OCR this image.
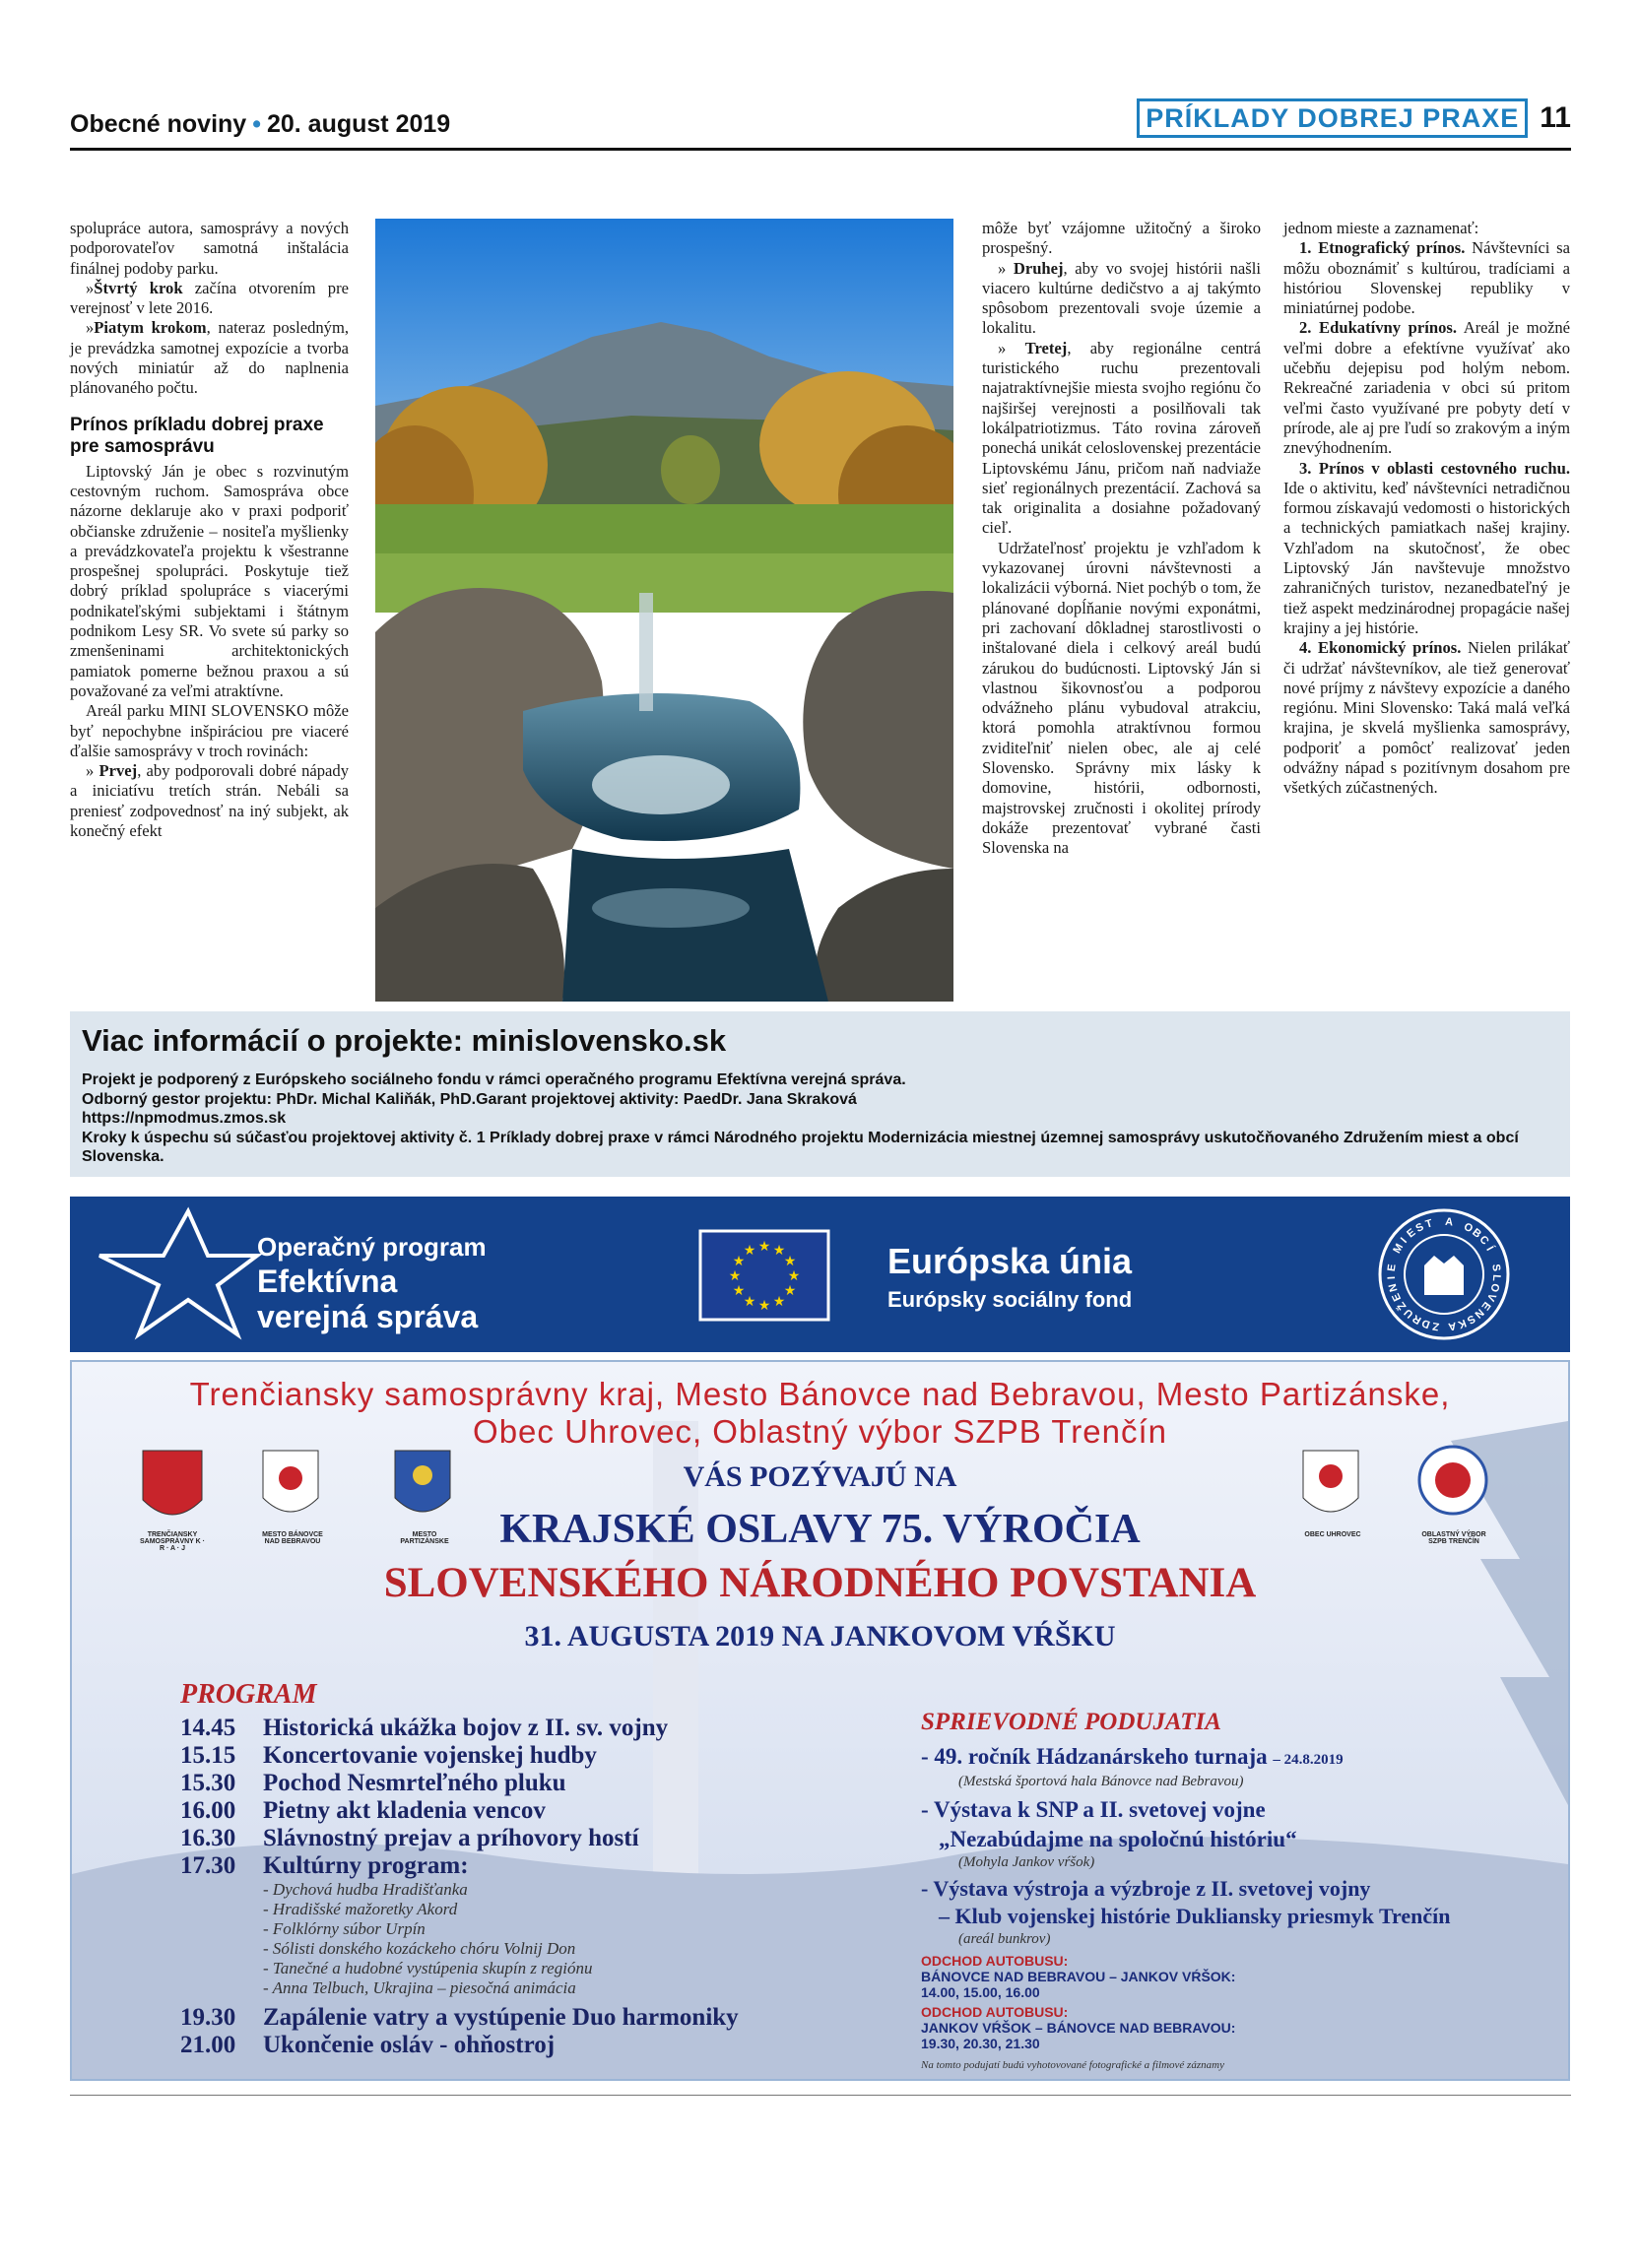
Obecné noviny • 20. august 2019	PRÍKLADY DOBREJ PRAXE 11

spolupráce autora, samosprávy a nových podporovateľov samotná inštalácia finálnej podoby parku.

»Štvrtý krok začína otvorením pre verejnosť v lete 2016.

»Piatym krokom, nateraz posledným, je prevádzka samotnej expozície a tvorba nových miniatúr až do naplnenia plánovaného počtu.

Prínos príkladu dobrej praxe pre samosprávu

Liptovský Ján je obec s rozvinutým cestovným ruchom. Samospráva obce názorne deklaruje ako v praxi podporiť občianske združenie – nositeľa myšlienky a prevádzkovateľa projektu k všestranne prospešnej spolupráci. Poskytuje tiež dobrý príklad spolupráce s viacerými podnikateľskými subjektami i štátnym podnikom Lesy SR. Vo svete sú parky so zmenšeninami architektonických pamiatok pomerne bežnou praxou a sú považované za veľmi atraktívne.

Areál parku MINI SLOVENSKO môže byť nepochybne inšpiráciou pre viaceré ďalšie samosprávy v troch rovinách:

» Prvej, aby podporovali dobré nápady a iniciatívu tretích strán. Nebáli sa preniesť zodpovednosť na iný subjekt, ak konečný efekt

môže byť vzájomne užitočný a široko prospešný.

» Druhej, aby vo svojej histórii našli viacero kultúrne dedičstvo a aj takýmto spôsobom prezentovali svoje územie a lokalitu.

» Tretej, aby regionálne centrá turistického ruchu prezentovali najatraktívnejšie miesta svojho regiónu čo najširšej verejnosti a posilňovali tak lokálpatriotizmus. Táto rovina zároveň ponechá unikát celoslovenskej prezentácie Liptovskému Jánu, pričom naň nadviaže sieť regionálnych prezentácií. Zachová sa tak originalita a dosiahne požadovaný cieľ.

Udržateľnosť projektu je vzhľadom k vykazovanej úrovni návštevnosti a lokalizácii výborná. Niet pochýb o tom, že plánované dopĺňanie novými exponátmi, pri zachovaní dôkladnej starostlivosti o inštalované diela i celkový areál budú zárukou do budúcnosti. Liptovský Ján si vlastnou šikovnosťou a podporou odvážneho plánu vybudoval atrakciu, ktorá pomohla atraktívnou formou zviditeľniť nielen obec, ale aj celé Slovensko. Správny mix lásky k domovine, histórii, odbornosti, majstrovskej zručnosti i okolitej prírody dokáže prezentovať vybrané časti Slovenska na

jednom mieste a zaznamenať:

1. Etnografický prínos. Návštevníci sa môžu oboznámiť s kultúrou, tradíciami a históriou Slovenskej republiky v miniatúrnej podobe.

2. Edukatívny prínos. Areál je možné veľmi dobre a efektívne využívať ako učebňu dejepisu pod holým nebom. Rekreačné zariadenia v obci sú pritom veľmi často využívané pre pobyty detí v prírode, ale aj pre ľudí so zrakovým a iným znevýhodnením.

3. Prínos v oblasti cestovného ruchu. Ide o aktivitu, keď návštevníci netradičnou formou získavajú vedomosti o historických a technických pamiatkach našej krajiny. Vzhľadom na skutočnosť, že obec Liptovský Ján navštevuje množstvo zahraničných turistov, nezanedbateľný je tiež aspekt medzinárodnej propagácie našej krajiny a jej histórie.

4. Ekonomický prínos. Nielen prilákať či udržať návštevníkov, ale tiež generovať nové príjmy z návštevy expozície a daného regiónu. Mini Slovensko: Taká malá veľká krajina, je skvelá myšlienka samosprávy, podporiť a pomôcť realizovať jeden odvážny nápad s pozitívnym dosahom pre všetkých zúčastnených.

Viac informácií o projekte: minislovensko.sk
Projekt je podporený z Európskeho sociálneho fondu v rámci operačného programu Efektívna verejná správa.
Odborný gestor projektu: PhDr. Michal Kaliňák, PhD.Garant projektovej aktivity: PaedDr. Jana Skraková
https://npmodmus.zmos.sk
Kroky k úspechu sú súčasťou projektovej aktivity č. 1 Príklady dobrej praxe v rámci Národného projektu Modernizácia miestnej územnej samosprávy uskutočňovaného Združením miest a obcí Slovenska.
Operačný program
Efektívna
verejná správa
★ ★
★
★
★
★
★
★
★
★
★
★	Európska únia
Európsky sociálny fond
Z
D
R
U
Ž
E
N
I
E
M
I
E
S
T A O
B
C
Í
S
L
O
V
E
N
S
K
A
Trenčiansky samosprávny kraj, Mesto Bánovce nad Bebravou, Mesto Partizánske,
Obec Uhrovec, Oblastný výbor SZPB Trenčín
TRENČIANSKY SAMOSPRÁVNY K · R · A · J
MESTO BÁNOVCE NAD BEBRAVOU
MESTO PARTIZÁNSKE
OBEC UHROVEC	OBLASTNÝ VÝBOR SZPB TRENČÍN
VÁS POZÝVAJÚ NA
KRAJSKÉ OSLAVY 75. VÝROČIA
SLOVENSKÉHO NÁRODNÉHO POVSTANIA
31. AUGUSTA 2019 NA JANKOVOM VŔŠKU
PROGRAM
14.45 Historická ukážka bojov z II. sv. vojny
15.15 Koncertovanie vojenskej hudby
15.30 Pochod Nesmrteľného pluku
16.00 Pietny akt kladenia vencov
16.30 Slávnostný prejav a príhovory hostí
17.30 Kultúrny program:
- Dychová hudba Hradišťanka
- Hradišské mažoretky Akord
- Folklórny súbor Urpín
- Sólisti donského kozáckeho chóru Volnij Don
- Tanečné a hudobné vystúpenia skupín z regiónu
- Anna Telbuch, Ukrajina – piesočná animácia
19.30 Zapálenie vatry a vystúpenie Duo harmoniky
21.00 Ukončenie osláv - ohňostroj
SPRIEVODNÉ PODUJATIA
- 49. ročník Hádzanárskeho turnaja – 24.8.2019
(Mestská športová hala Bánovce nad Bebravou)
- Výstava k SNP a II. svetovej vojne
„Nezabúdajme na spoločnú históriu“
(Mohyla Jankov vŕšok)
- Výstava výstroja a výzbroje z II. svetovej vojny
– Klub vojenskej histórie Dukliansky priesmyk Trenčín
(areál bunkrov)
ODCHOD AUTOBUSU:
BÁNOVCE NAD BEBRAVOU – JANKOV VŔŠOK:
14.00, 15.00, 16.00
ODCHOD AUTOBUSU:
JANKOV VŔŠOK – BÁNOVCE NAD BEBRAVOU:
19.30, 20.30, 21.30
Na tomto podujatí budú vyhotovované fotografické a filmové záznamy
